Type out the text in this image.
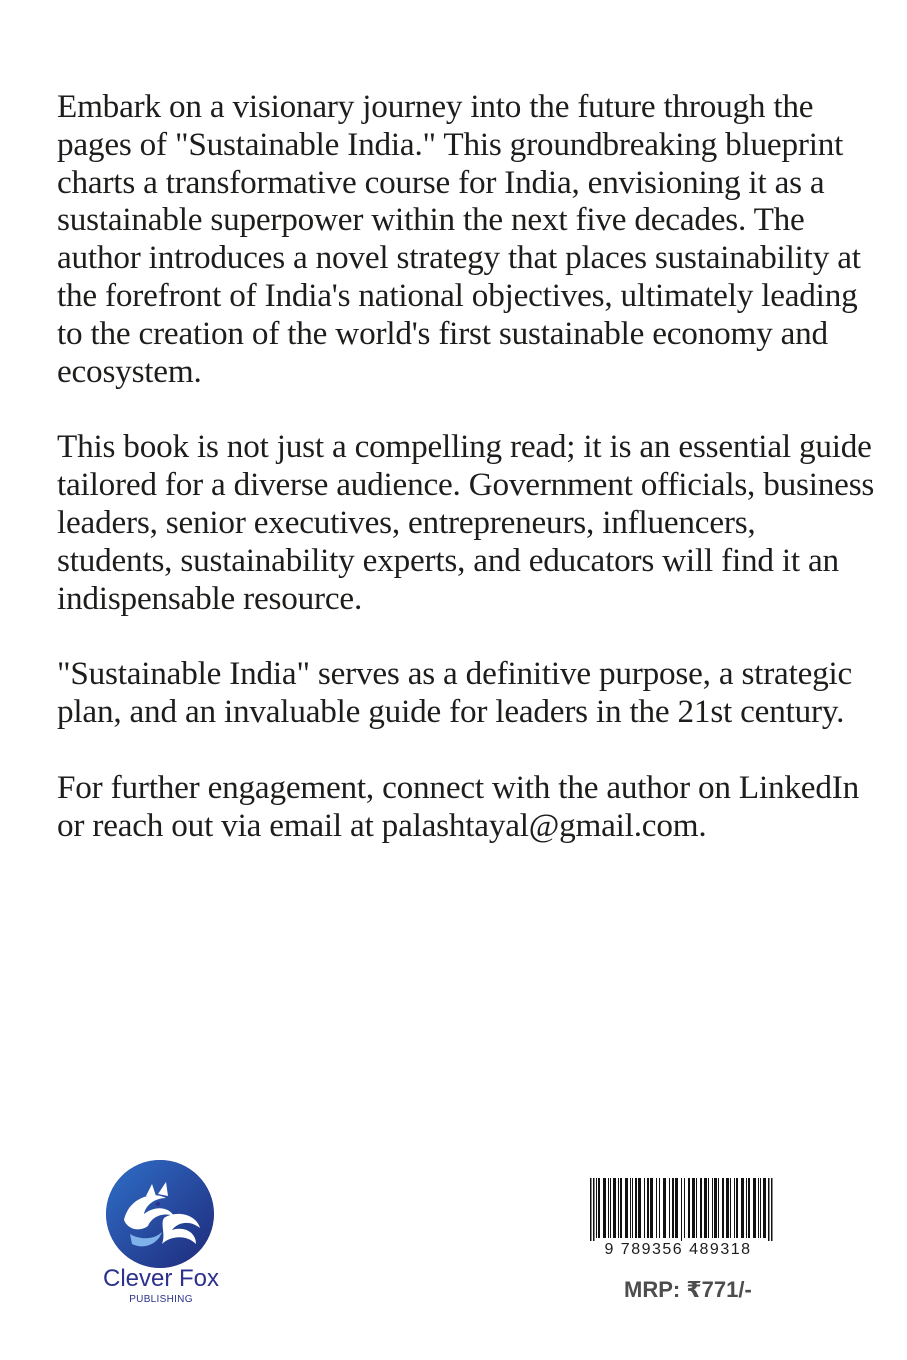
Embark on a visionary journey into the future through the pages of "Sustainable India." This groundbreaking blueprint charts a transformative course for India, envisioning it as a sustainable superpower within the next five decades. The author introduces a novel strategy that places sustainability at the forefront of India's national objectives, ultimately leading to the creation of the world's first sustainable economy and ecosystem.

This book is not just a compelling read; it is an essential guide tailored for a diverse audience. Government officials, business leaders, senior executives, entrepreneurs, influencers, students, sustainability experts, and educators will find it an indispensable resource.

"Sustainable India" serves as a definitive purpose, a strategic plan, and an invaluable guide for leaders in the 21st century.

For further engagement, connect with the author on LinkedIn or reach out via email at palashtayal@gmail.com.

Clever Fox
PUBLISHING
9 789356 489318
MRP: ₹771/-
